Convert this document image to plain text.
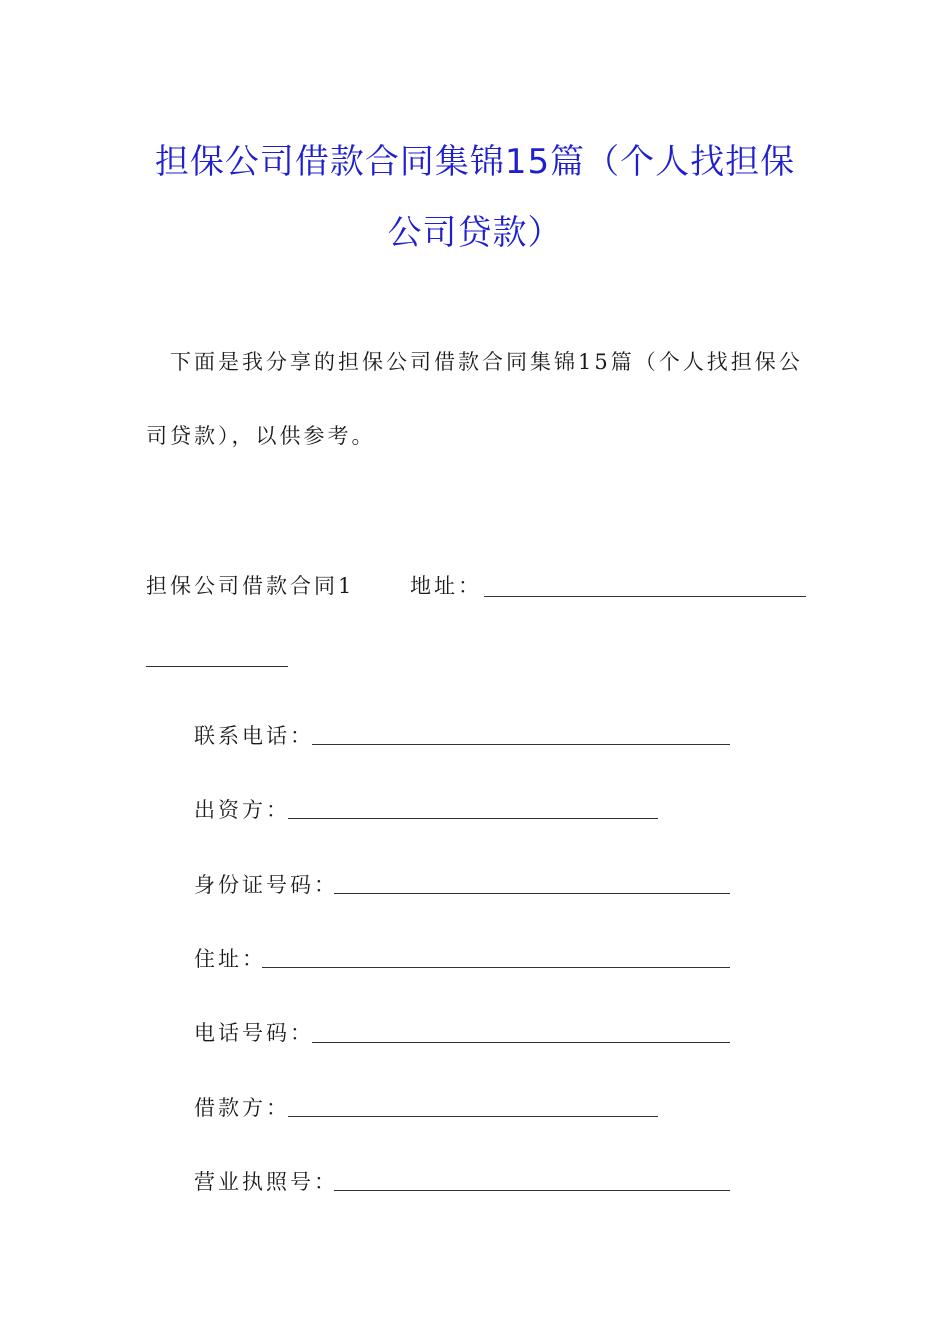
担保公司借款合同集锦15篇（个人找担保
公司贷款）
下面是我分享的担保公司借款合同集锦15篇（个人找担保公
司贷款），以供参考。
担保公司借款合同1	地址：
联系电话：
出资方：
身份证号码：
住址：
电话号码：
借款方：
营业执照号：
